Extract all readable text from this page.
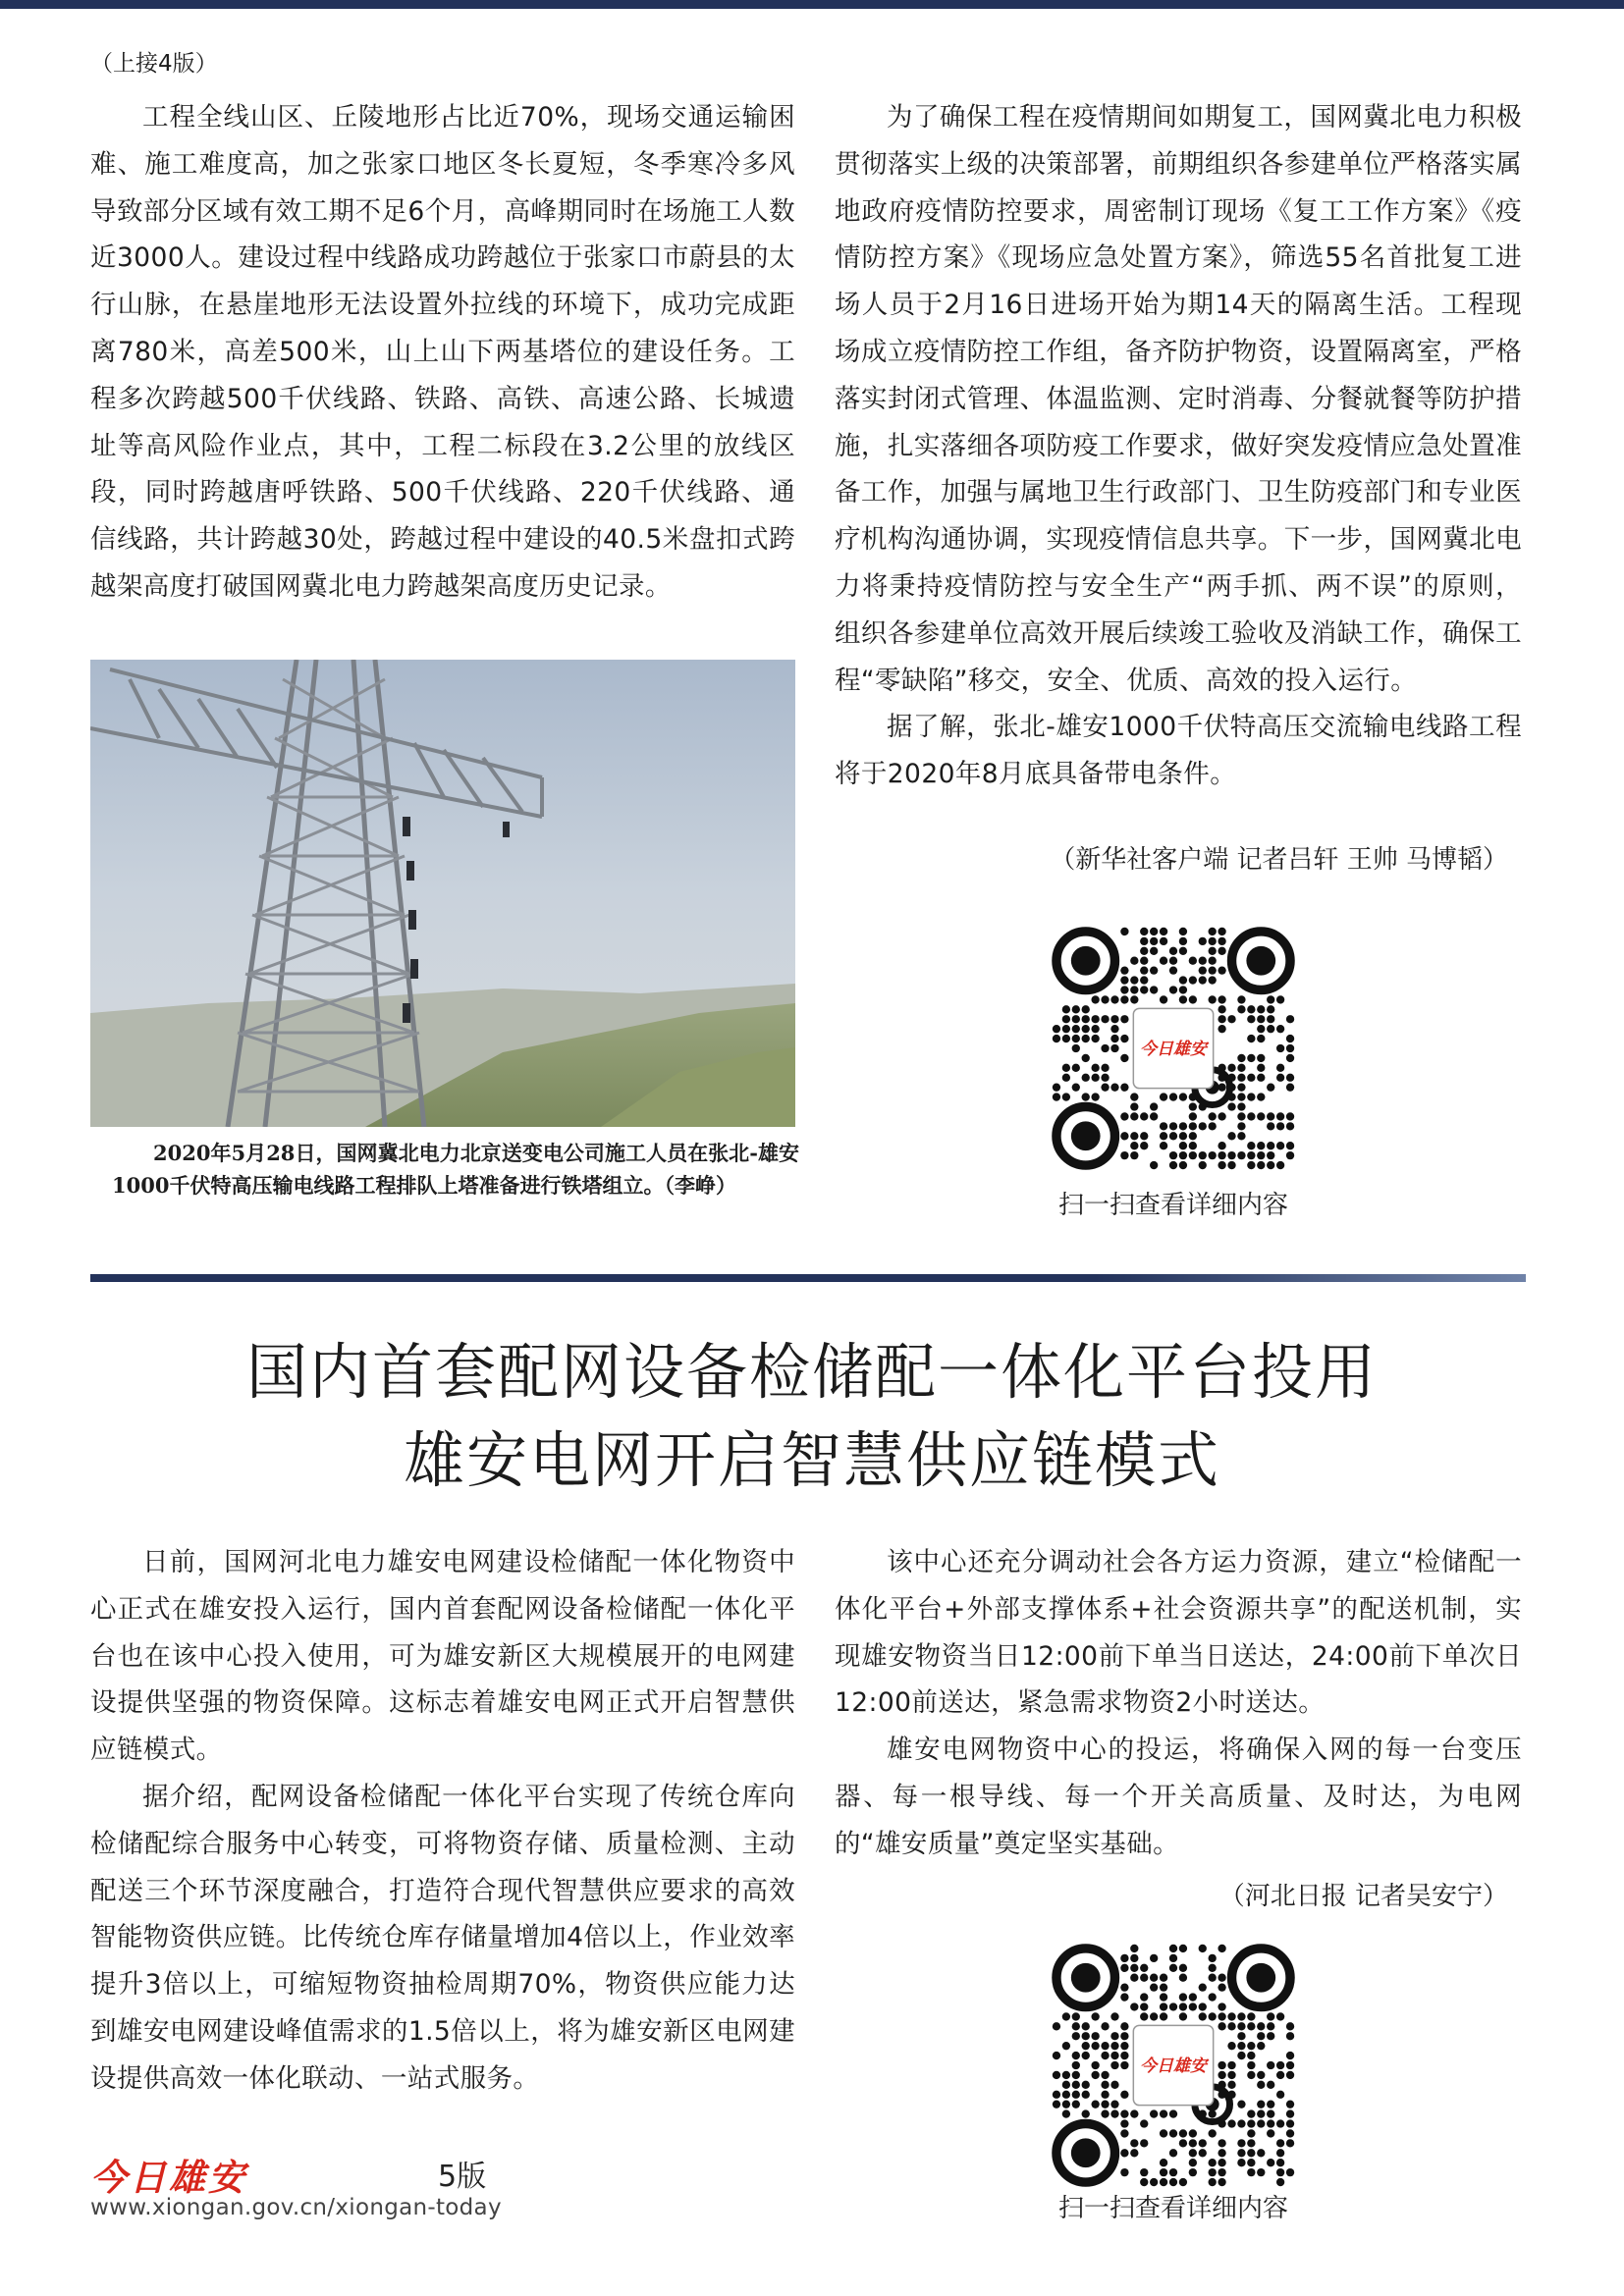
（上接4版）

工程全线山区、丘陵地形占比近70%，现场交通运输困难、施工难度高，加之张家口地区冬长夏短，冬季寒冷多风导致部分区域有效工期不足6个月，高峰期同时在场施工人数近3000人。建设过程中线路成功跨越位于张家口市蔚县的太行山脉，在悬崖地形无法设置外拉线的环境下，成功完成距离780米，高差500米，山上山下两基塔位的建设任务。工程多次跨越500千伏线路、铁路、高铁、高速公路、长城遗址等高风险作业点，其中，工程二标段在3.2公里的放线区段，同时跨越唐呼铁路、500千伏线路、220千伏线路、通信线路，共计跨越30处，跨越过程中建设的40.5米盘扣式跨越架高度打破国网冀北电力跨越架高度历史记录。

2020年5月28日，国网冀北电力北京送变电公司施工人员在张北-雄安1000千伏特高压输电线路工程排队上塔准备进行铁塔组立。（李峥）

为了确保工程在疫情期间如期复工，国网冀北电力积极贯彻落实上级的决策部署，前期组织各参建单位严格落实属地政府疫情防控要求，周密制订现场《复工工作方案》《疫情防控方案》《现场应急处置方案》，筛选55名首批复工进场人员于2月16日进场开始为期14天的隔离生活。工程现场成立疫情防控工作组，备齐防护物资，设置隔离室，严格落实封闭式管理、体温监测、定时消毒、分餐就餐等防护措施，扎实落细各项防疫工作要求，做好突发疫情应急处置准备工作，加强与属地卫生行政部门、卫生防疫部门和专业医疗机构沟通协调，实现疫情信息共享。下一步，国网冀北电力将秉持疫情防控与安全生产“两手抓、两不误”的原则，组织各参建单位高效开展后续竣工验收及消缺工作，确保工程“零缺陷”移交，安全、优质、高效的投入运行。

据了解，张北-雄安1000千伏特高压交流输电线路工程将于2020年8月底具备带电条件。

（新华社客户端 记者吕轩 王帅 马博韬）
今日雄安
扫一扫查看详细内容
国内首套配网设备检储配一体化平台投用
雄安电网开启智慧供应链模式

日前，国网河北电力雄安电网建设检储配一体化物资中心正式在雄安投入运行，国内首套配网设备检储配一体化平台也在该中心投入使用，可为雄安新区大规模展开的电网建设提供坚强的物资保障。这标志着雄安电网正式开启智慧供应链模式。

据介绍，配网设备检储配一体化平台实现了传统仓库向检储配综合服务中心转变，可将物资存储、质量检测、主动配送三个环节深度融合，打造符合现代智慧供应要求的高效智能物资供应链。比传统仓库存储量增加4倍以上，作业效率提升3倍以上，可缩短物资抽检周期70%，物资供应能力达到雄安电网建设峰值需求的1.5倍以上，将为雄安新区电网建设提供高效一体化联动、一站式服务。

该中心还充分调动社会各方运力资源，建立“检储配一体化平台+外部支撑体系+社会资源共享”的配送机制，实现雄安物资当日12:00前下单当日送达，24:00前下单次日12:00前送达，紧急需求物资2小时送达。

雄安电网物资中心的投运，将确保入网的每一台变压器、每一根导线、每一个开关高质量、及时达，为电网的“雄安质量”奠定坚实基础。

（河北日报 记者吴安宁）
今日雄安
扫一扫查看详细内容
今日雄安	5版
www.xiongan.gov.cn/xiongan-today
